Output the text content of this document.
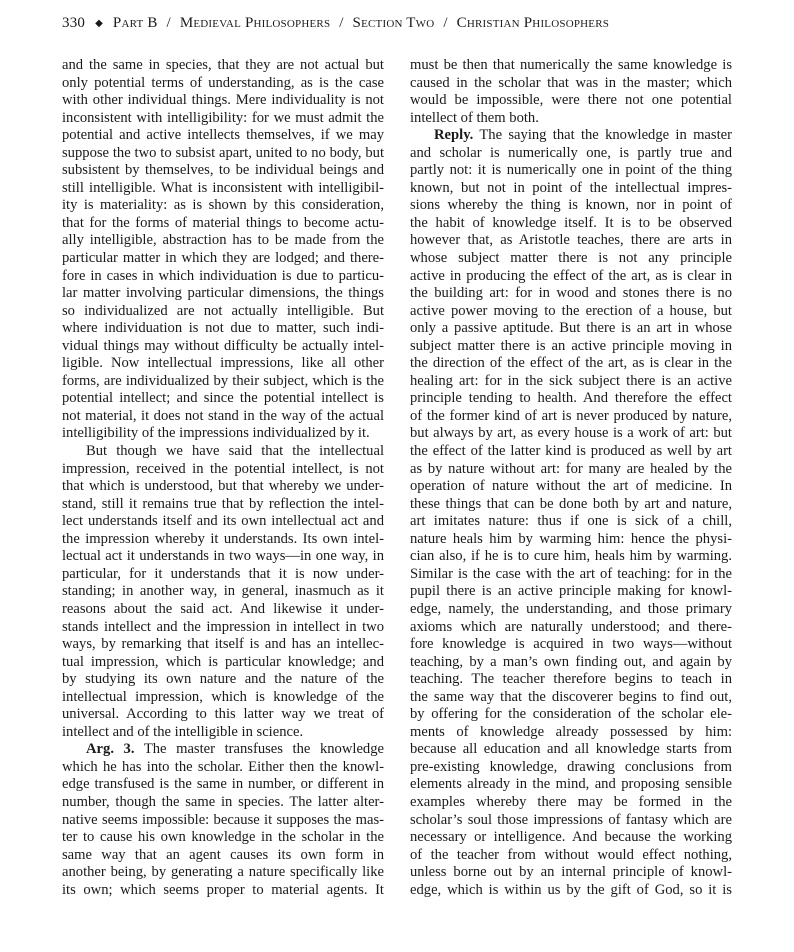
330 ◆ Part B / Medieval Philosophers / Section Two / Christian Philosophers
and the same in species, that they are not actual but
only potential terms of understanding, as is the case
with other individual things. Mere individuality is not
inconsistent with intelligibility: for we must admit the
potential and active intellects themselves, if we may
suppose the two to subsist apart, united to no body, but
subsistent by themselves, to be individual beings and
still intelligible. What is inconsistent with intelligibil-
ity is materiality: as is shown by this consideration,
that for the forms of material things to become actu-
ally intelligible, abstraction has to be made from the
particular matter in which they are lodged; and there-
fore in cases in which individuation is due to particu-
lar matter involving particular dimensions, the things
so individualized are not actually intelligible. But
where individuation is not due to matter, such indi-
vidual things may without difficulty be actually intel-
ligible. Now intellectual impressions, like all other
forms, are individualized by their subject, which is the
potential intellect; and since the potential intellect is
not material, it does not stand in the way of the actual
intelligibility of the impressions individualized by it.
But though we have said that the intellectual
impression, received in the potential intellect, is not
that which is understood, but that whereby we under-
stand, still it remains true that by reflection the intel-
lect understands itself and its own intellectual act and
the impression whereby it understands. Its own intel-
lectual act it understands in two ways—in one way, in
particular, for it understands that it is now under-
standing; in another way, in general, inasmuch as it
reasons about the said act. And likewise it under-
stands intellect and the impression in intellect in two
ways, by remarking that itself is and has an intellec-
tual impression, which is particular knowledge; and
by studying its own nature and the nature of the
intellectual impression, which is knowledge of the
universal. According to this latter way we treat of
intellect and of the intelligible in science.
Arg. 3. The master transfuses the knowledge
which he has into the scholar. Either then the knowl-
edge transfused is the same in number, or different in
number, though the same in species. The latter alter-
native seems impossible: because it supposes the mas-
ter to cause his own knowledge in the scholar in the
same way that an agent causes its own form in
another being, by generating a nature specifically like
its own; which seems proper to material agents. It
must be then that numerically the same knowledge is
caused in the scholar that was in the master; which
would be impossible, were there not one potential
intellect of them both.
Reply. The saying that the knowledge in master
and scholar is numerically one, is partly true and
partly not: it is numerically one in point of the thing
known, but not in point of the intellectual impres-
sions whereby the thing is known, nor in point of
the habit of knowledge itself. It is to be observed
however that, as Aristotle teaches, there are arts in
whose subject matter there is not any principle
active in producing the effect of the art, as is clear in
the building art: for in wood and stones there is no
active power moving to the erection of a house, but
only a passive aptitude. But there is an art in whose
subject matter there is an active principle moving in
the direction of the effect of the art, as is clear in the
healing art: for in the sick subject there is an active
principle tending to health. And therefore the effect
of the former kind of art is never produced by nature,
but always by art, as every house is a work of art: but
the effect of the latter kind is produced as well by art
as by nature without art: for many are healed by the
operation of nature without the art of medicine. In
these things that can be done both by art and nature,
art imitates nature: thus if one is sick of a chill,
nature heals him by warming him: hence the physi-
cian also, if he is to cure him, heals him by warming.
Similar is the case with the art of teaching: for in the
pupil there is an active principle making for knowl-
edge, namely, the understanding, and those primary
axioms which are naturally understood; and there-
fore knowledge is acquired in two ways—without
teaching, by a man’s own finding out, and again by
teaching. The teacher therefore begins to teach in
the same way that the discoverer begins to find out,
by offering for the consideration of the scholar ele-
ments of knowledge already possessed by him:
because all education and all knowledge starts from
pre-existing knowledge, drawing conclusions from
elements already in the mind, and proposing sensible
examples whereby there may be formed in the
scholar’s soul those impressions of fantasy which are
necessary or intelligence. And because the working
of the teacher from without would effect nothing,
unless borne out by an internal principle of knowl-
edge, which is within us by the gift of God, so it is
